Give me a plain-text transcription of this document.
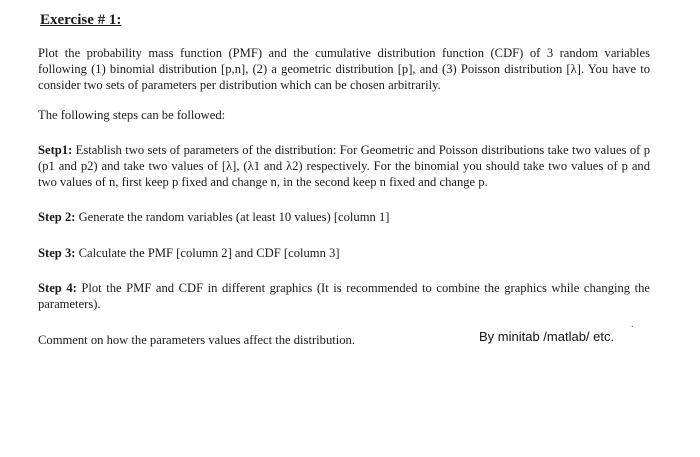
Exercise # 1:

Plot the probability mass function (PMF) and the cumulative distribution function (CDF) of 3 random variables following (1) binomial distribution [p,n], (2) a geometric distribution [p], and (3) Poisson distribution [λ]. You have to consider two sets of parameters per distribution which can be chosen arbitrarily.

The following steps can be followed:

Setp1: Establish two sets of parameters of the distribution: For Geometric and Poisson distributions take two values of p (p1 and p2) and take two values of [λ], (λ1 and λ2) respectively. For the binomial you should take two values of p and two values of n, first keep p fixed and change n, in the second keep n fixed and change p.

Step 2: Generate the random variables (at least 10 values) [column 1]

Step 3: Calculate the PMF [column 2] and CDF [column 3]

Step 4: Plot the PMF and CDF in different graphics (It is recommended to combine the graphics while changing the parameters).

Comment on how the parameters values affect the distribution.
.
By minitab /matlab/ etc.
